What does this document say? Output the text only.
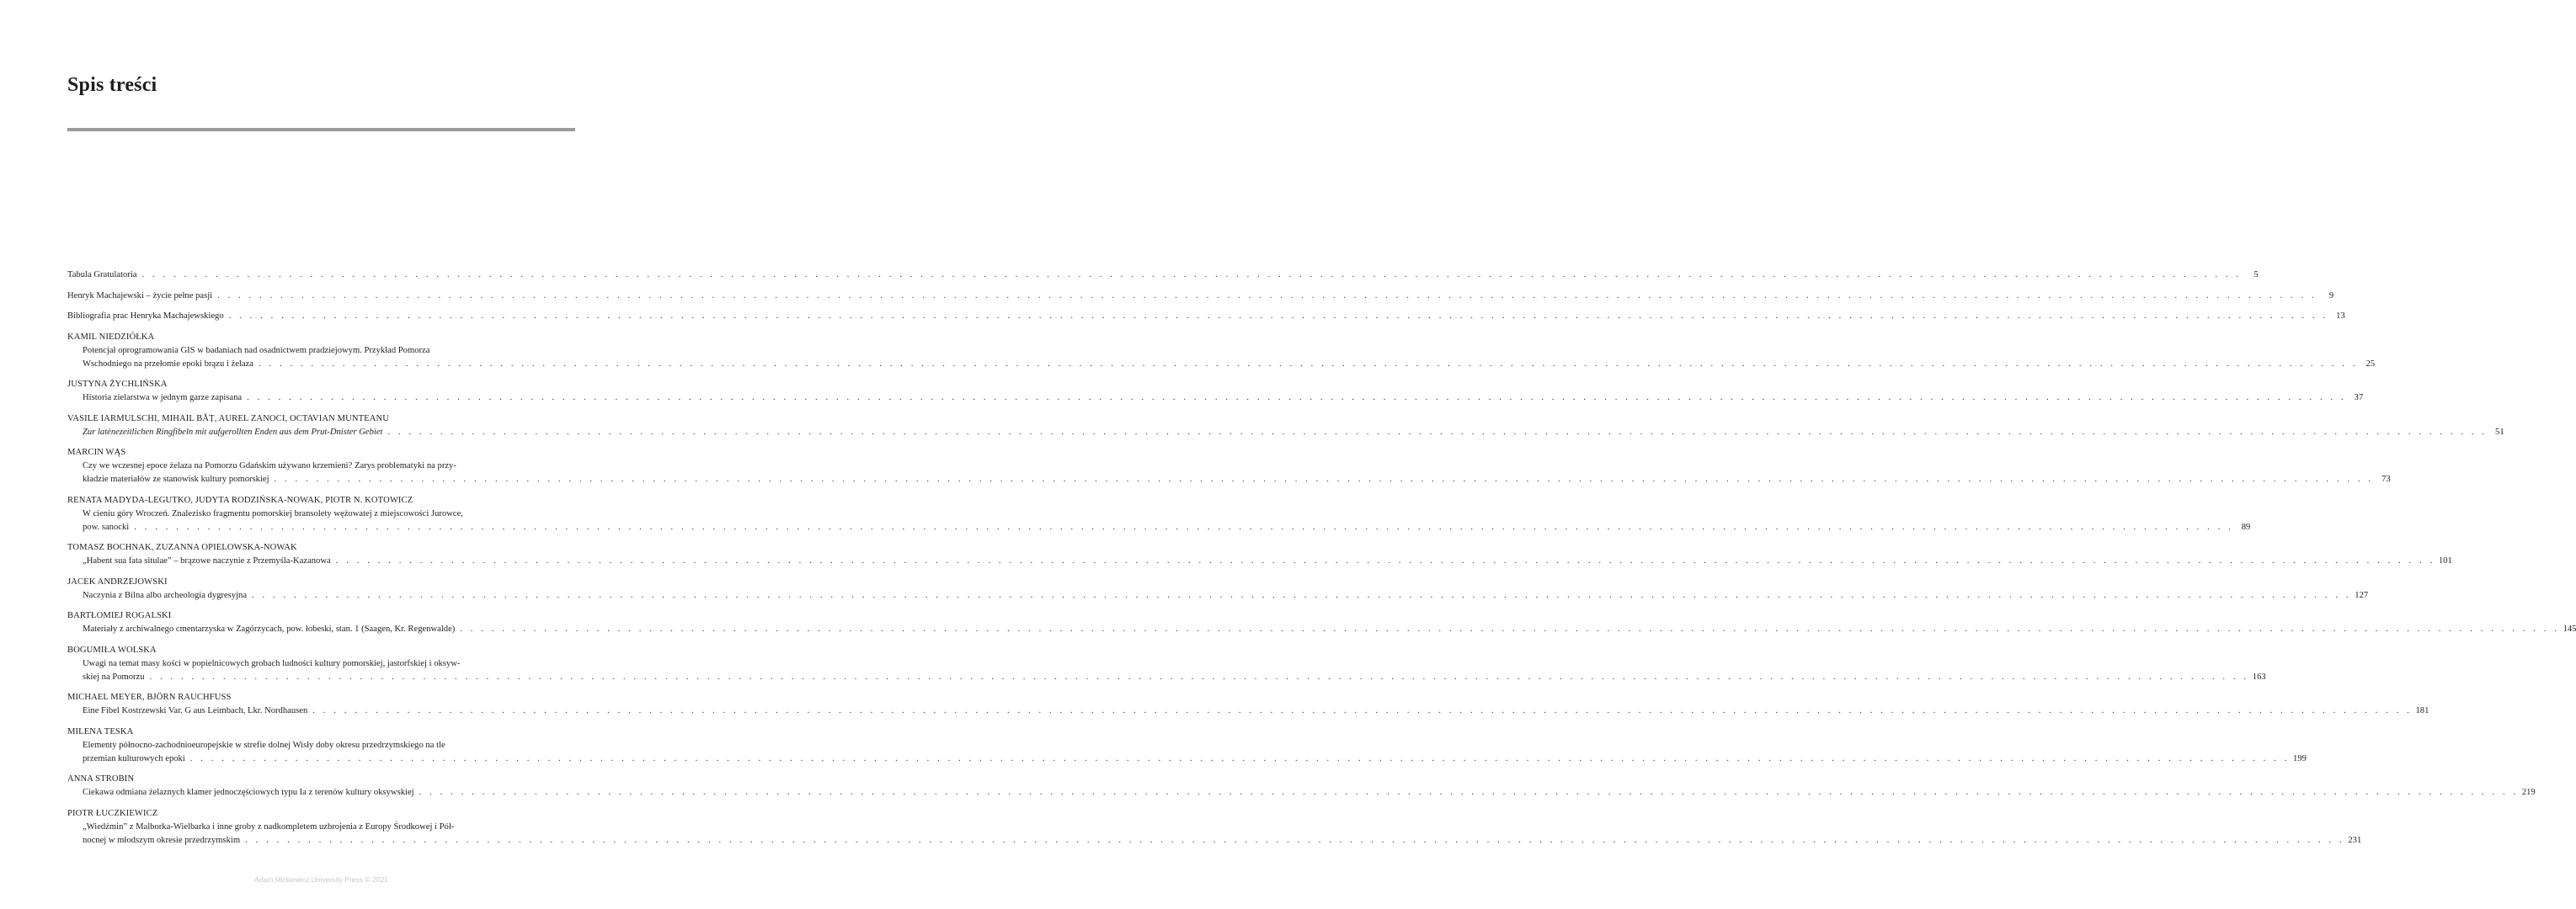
Spis treści
Tabula Gratulatoria . . . . . . . . . . . . . . . . . . . . . . . . . . . . . . . . . . . . . . . . . . . . . . . . . . . . . . . . . . . . . . . . . . . . . . . . . . . . . . . . . . . . . . . . . . . . . . . . . . . . . . . . . . . . . . . . . . . . . . . . . . . . . . . . . . . . . . . . . . . . . . . . . . . . . . . . . . . . . . . . . . . . . . . . . . . . . . . . . . . . . . . . . . . . . . . . . . . . . . . .	5
Henryk Machajewski – życie pełne pasji . . . . . . . . . . . . . . . . . . . . . . . . . . . . . . . . . . . . . . . . . . . . . . . . . . . . . . . . . . . . . . . . . . . . . . . . . . . . . . . . . . . . . . . . . . . . . . . . . . . . . . . . . . . . . . . . . . . . . . . . . . . . . . . . . . . . . . . . . . . . . . . . . . . . . . . . . . . . . . . . . . . . . . . . . . . . . . . . . . . . . . . . . . . . . . . . . . . . . . . .	9
Bibliografia prac Henryka Machajewskiego . . . . . . . . . . . . . . . . . . . . . . . . . . . . . . . . . . . . . . . . . . . . . . . . . . . . . . . . . . . . . . . . . . . . . . . . . . . . . . . . . . . . . . . . . . . . . . . . . . . . . . . . . . . . . . . . . . . . . . . . . . . . . . . . . . . . . . . . . . . . . . . . . . . . . . . . . . . . . . . . . . . . . . . . . . . . . . . . . . . . . . . . . . . . . . . . . . . . . . . . 13
KAMIL NIEDZIÓŁKA
Potencjał oprogramowania GIS w badaniach nad osadnictwem pradziejowym. Przykład Pomorza
Wschodniego na przełomie epoki brązu i żelaza . . . . . . . . . . . . . . . . . . . . . . . . . . . . . . . . . . . . . . . . . . . . . . . . . . . . . . . . . . . . . . . . . . . . . . . . . . . . . . . . . . . . . . . . . . . . . . . . . . . . . . . . . . . . . . . . . . . . . . . . . . . . . . . . . . . . . . . . . . . . . . . . . . . . . . . . . . . . . . . . . . . . . . . . . . . . . . . . . . . . . . . . . . . . . . . . . . . . . . . . 25
JUSTYNA ŻYCHLIŃSKA
Historia zielarstwa w jednym garze zapisana . . . . . . . . . . . . . . . . . . . . . . . . . . . . . . . . . . . . . . . . . . . . . . . . . . . . . . . . . . . . . . . . . . . . . . . . . . . . . . . . . . . . . . . . . . . . . . . . . . . . . . . . . . . . . . . . . . . . . . . . . . . . . . . . . . . . . . . . . . . . . . . . . . . . . . . . . . . . . . . . . . . . . . . . . . . . . . . . . . . . . . . . . . . . . . . . . . . . . . . . 37
VASILE IARMULSCHI, MIHAIL BĂȚ, AUREL ZANOCI, OCTAVIAN MUNTEANU
Zur latènezeitlichen Ringfibeln mit aufgerollten Enden aus dem Prut-Dnister Gebiet . . . . . . . . . . . . . . . . . . . . . . . . . . . . . . . . . . . . . . . . . . . . . . . . . . . . . . . . . . . . . . . . . . . . . . . . . . . . . . . . . . . . . . . . . . . . . . . . . . . . . . . . . . . . . . . . . . . . . . . . . . . . . . . . . . . . . . . . . . . . . . . . . . . . . . . . . . . . . . . . . . . . . . . . . . . . . . . . . . . . . . . . . . . . . . . . . . . . . . . . 51
MARCIN WĄS
Czy we wczesnej epoce żelaza na Pomorzu Gdańskim używano krzemieni? Zarys problematyki na przy-
kładzie materiałów ze stanowisk kultury pomorskiej . . . . . . . . . . . . . . . . . . . . . . . . . . . . . . . . . . . . . . . . . . . . . . . . . . . . . . . . . . . . . . . . . . . . . . . . . . . . . . . . . . . . . . . . . . . . . . . . . . . . . . . . . . . . . . . . . . . . . . . . . . . . . . . . . . . . . . . . . . . . . . . . . . . . . . . . . . . . . . . . . . . . . . . . . . . . . . . . . . . . . . . . . . . . . . . . . . . . . . . . 73
RENATA MADYDA-LEGUTKO, JUDYTA RODZIŃSKA-NOWAK, PIOTR N. KOTOWICZ
W cieniu góry Wroczeń. Znalezisko fragmentu pomorskiej bransolety wężowatej z miejscowości Jurowce,
pow. sanocki . . . . . . . . . . . . . . . . . . . . . . . . . . . . . . . . . . . . . . . . . . . . . . . . . . . . . . . . . . . . . . . . . . . . . . . . . . . . . . . . . . . . . . . . . . . . . . . . . . . . . . . . . . . . . . . . . . . . . . . . . . . . . . . . . . . . . . . . . . . . . . . . . . . . . . . . . . . . . . . . . . . . . . . . . . . . . . . . . . . . . . . . . . . . . . . . . . . . . . . . 89
TOMASZ BOCHNAK, ZUZANNA OPIELOWSKA-NOWAK
„Habent sua fata situlae” – brązowe naczynie z Przemyśla-Kazanowa . . . . . . . . . . . . . . . . . . . . . . . . . . . . . . . . . . . . . . . . . . . . . . . . . . . . . . . . . . . . . . . . . . . . . . . . . . . . . . . . . . . . . . . . . . . . . . . . . . . . . . . . . . . . . . . . . . . . . . . . . . . . . . . . . . . . . . . . . . . . . . . . . . . . . . . . . . . . . . . . . . . . . . . . . . . . . . . . . . . . . . . . . . . . . . . . . . . . . . . . 101
JACEK ANDRZEJOWSKI
Naczynia z Bilna albo archeologia dygresyjna . . . . . . . . . . . . . . . . . . . . . . . . . . . . . . . . . . . . . . . . . . . . . . . . . . . . . . . . . . . . . . . . . . . . . . . . . . . . . . . . . . . . . . . . . . . . . . . . . . . . . . . . . . . . . . . . . . . . . . . . . . . . . . . . . . . . . . . . . . . . . . . . . . . . . . . . . . . . . . . . . . . . . . . . . . . . . . . . . . . . . . . . . . . . . . . . . . . . . . . . 127
BARTŁOMIEJ ROGALSKI
Materiały z archiwalnego cmentarzyska w Zagórzycach, pow. łobeski, stan. 1 (Saagen, Kr. Regenwalde) . . . . . . . . . . . . . . . . . . . . . . . . . . . . . . . . . . . . . . . . . . . . . . . . . . . . . . . . . . . . . . . . . . . . . . . . . . . . . . . . . . . . . . . . . . . . . . . . . . . . . . . . . . . . . . . . . . . . . . . . . . . . . . . . . . . . . . . . . . . . . . . . . . . . . . . . . . . . . . . . . . . . . . . . . . . . . . . . . . . . . . . . . . . . . . . . . . . . . . . . 145
BOGUMIŁA WOLSKA
Uwagi na temat masy kości w popielnicowych grobach ludności kultury pomorskiej, jastorfskiej i oksyw-
skiej na Pomorzu . . . . . . . . . . . . . . . . . . . . . . . . . . . . . . . . . . . . . . . . . . . . . . . . . . . . . . . . . . . . . . . . . . . . . . . . . . . . . . . . . . . . . . . . . . . . . . . . . . . . . . . . . . . . . . . . . . . . . . . . . . . . . . . . . . . . . . . . . . . . . . . . . . . . . . . . . . . . . . . . . . . . . . . . . . . . . . . . . . . . . . . . . . . . . . . . . . . . . . . . 163
MICHAEL MEYER, BJÖRN RAUCHFUSS
Eine Fibel Kostrzewski Var. G aus Leimbach, Lkr. Nordhausen . . . . . . . . . . . . . . . . . . . . . . . . . . . . . . . . . . . . . . . . . . . . . . . . . . . . . . . . . . . . . . . . . . . . . . . . . . . . . . . . . . . . . . . . . . . . . . . . . . . . . . . . . . . . . . . . . . . . . . . . . . . . . . . . . . . . . . . . . . . . . . . . . . . . . . . . . . . . . . . . . . . . . . . . . . . . . . . . . . . . . . . . . . . . . . . . . . . . . . . . 181
MILENA TESKA
Elementy północno-zachodnioeuropejskie w strefie dolnej Wisły doby okresu przedrzymskiego na tle
przemian kulturowych epoki . . . . . . . . . . . . . . . . . . . . . . . . . . . . . . . . . . . . . . . . . . . . . . . . . . . . . . . . . . . . . . . . . . . . . . . . . . . . . . . . . . . . . . . . . . . . . . . . . . . . . . . . . . . . . . . . . . . . . . . . . . . . . . . . . . . . . . . . . . . . . . . . . . . . . . . . . . . . . . . . . . . . . . . . . . . . . . . . . . . . . . . . . . . . . . . . . . . . . . . . 199
ANNA STROBIN
Ciekawa odmiana żelaznych klamer jednoczęściowych typu Ia z terenów kultury oksywskiej . . . . . . . . . . . . . . . . . . . . . . . . . . . . . . . . . . . . . . . . . . . . . . . . . . . . . . . . . . . . . . . . . . . . . . . . . . . . . . . . . . . . . . . . . . . . . . . . . . . . . . . . . . . . . . . . . . . . . . . . . . . . . . . . . . . . . . . . . . . . . . . . . . . . . . . . . . . . . . . . . . . . . . . . . . . . . . . . . . . . . . . . . . . . . . . . . . . . . . . . 219
PIOTR ŁUCZKIEWICZ
„Wiedźmin” z Malborka-Wielbarka i inne groby z nadkompletem uzbrojenia z Europy Środkowej i Pół-
nocnej w młodszym okresie przedrzymskim . . . . . . . . . . . . . . . . . . . . . . . . . . . . . . . . . . . . . . . . . . . . . . . . . . . . . . . . . . . . . . . . . . . . . . . . . . . . . . . . . . . . . . . . . . . . . . . . . . . . . . . . . . . . . . . . . . . . . . . . . . . . . . . . . . . . . . . . . . . . . . . . . . . . . . . . . . . . . . . . . . . . . . . . . . . . . . . . . . . . . . . . . . . . . . . . . . . . . . . . 231
Adam Mickiewicz University Press © 2021
